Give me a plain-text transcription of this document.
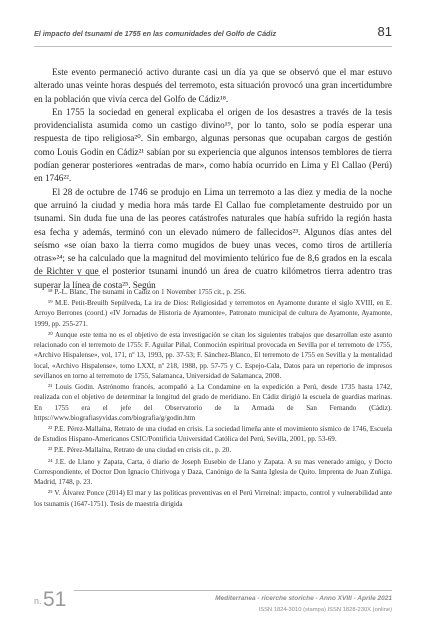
El impacto del tsunami de 1755 en las comunidades del Golfo de Cádiz	81

Este evento permaneció activo durante casi un día ya que se observó que el mar estuvo alterado unas veinte horas después del terremoto, esta situación provocó una gran incertidumbre en la población que vivía cerca del Golfo de Cádiz¹⁸.

En 1755 la sociedad en general explicaba el origen de los desastres a través de la tesis providencialista asumida como un castigo divino¹⁹, por lo tanto, solo se podía esperar una respuesta de tipo religiosa²⁰. Sin embargo, algunas personas que ocupaban cargos de gestión como Louis Godin en Cádiz²¹ sabían por su experiencia que algunos intensos temblores de tierra podían generar posteriores «entradas de mar», como había ocurrido en Lima y El Callao (Perú) en 1746²².

El 28 de octubre de 1746 se produjo en Lima un terremoto a las diez y media de la noche que arruinó la ciudad y media hora más tarde El Callao fue completamente destruido por un tsunami. Sin duda fue una de las peores catástrofes naturales que había sufrido la región hasta esa fecha y además, terminó con un elevado número de fallecidos²³. Algunos días antes del seísmo «se oían baxo la tierra como mugidos de buey unas veces, como tiros de artillería otras»²⁴; se ha calculado que la magnitud del movimiento telúrico fue de 8,6 grados en la escala de Richter y que el posterior tsunami inundó un área de cuatro kilómetros tierra adentro tras superar la línea de costa²⁵. Según

¹⁸ P.-L. Blanc, The tsunami in Cadiz on 1 November 1755 cit., p. 256.

¹⁹ M.E. Petit-Breuilh Sepúlveda, La ira de Dios: Religiosidad y terremotos en Ayamonte durante el siglo XVIII, en E. Arroyo Berrones (coord.) «IV Jornadas de Historia de Ayamonte», Patronato municipal de cultura de Ayamonte, Ayamonte, 1999, pp. 255-271.

²⁰ Aunque este tema no es el objetivo de esta investigación se citan los siguientes trabajos que desarrollan este asunto relacionado con el terremoto de 1755: F. Aguilar Piñal, Conmoción espiritual provocada en Sevilla por el terremoto de 1755, «Archivo Hispalense», vol, 171, nº 13, 1993, pp. 37-53; F. Sánchez-Blanco, El terremoto de 1755 en Sevilla y la mentalidad local, «Archivo Hispalense», tomo LXXI, nº 218, 1988, pp. 57-75 y C. Espejo-Cala, Datos para un repertorio de impresos sevillanos en torno al terremoto de 1755, Salamanca, Universidad de Salamanca, 2008.

²¹ Louis Godin. Astrónomo francés, acompañó a La Condamine en la expedición a Perú, desde 1735 hasta 1742, realizada con el objetivo de determinar la longitud del grado de meridiano. En Cádiz dirigió la escuela de guardias marinas. En 1755 era el jefe del Observatorio de la Armada de San Fernando (Cádiz). https://www.biografiasyvidas.com/biografia/g/godin.htm

²² P.E. Pérez-Mallaína, Retrato de una ciudad en crisis. La sociedad limeña ante el movimiento sísmico de 1746, Escuela de Estudios Hispano-Americanos CSIC/Pontificia Universidad Católica del Perú, Sevilla, 2001, pp. 53-69.

²³ P.E. Pérez-Mallaína, Retrato de una ciudad en crisis cit., p. 20.

²⁴ J.E. de Llano y Zapata, Carta, ó diario de Joseph Eusebio de Llano y Zapata. A su mas venerado amigo, y Docto Correspondiente, el Doctor Don Ignacio Chirivoga y Daza, Canónigo de la Santa Iglesia de Quito. Imprenta de Juan Zuñiga. Madrid, 1748, p. 23.

²⁵ V. Álvarez Ponce (2014) El mar y las políticas preventivas en el Perú Virreinal: impacto, control y vulnerabilidad ante los tsunamis (1647-1751). Tesis de maestría dirigida

n. 51	Mediterranea - ricerche storiche - Anno XVIII - Aprile 2021
ISSN 1824-3010 (stampa) ISSN 1828-230X (online)
